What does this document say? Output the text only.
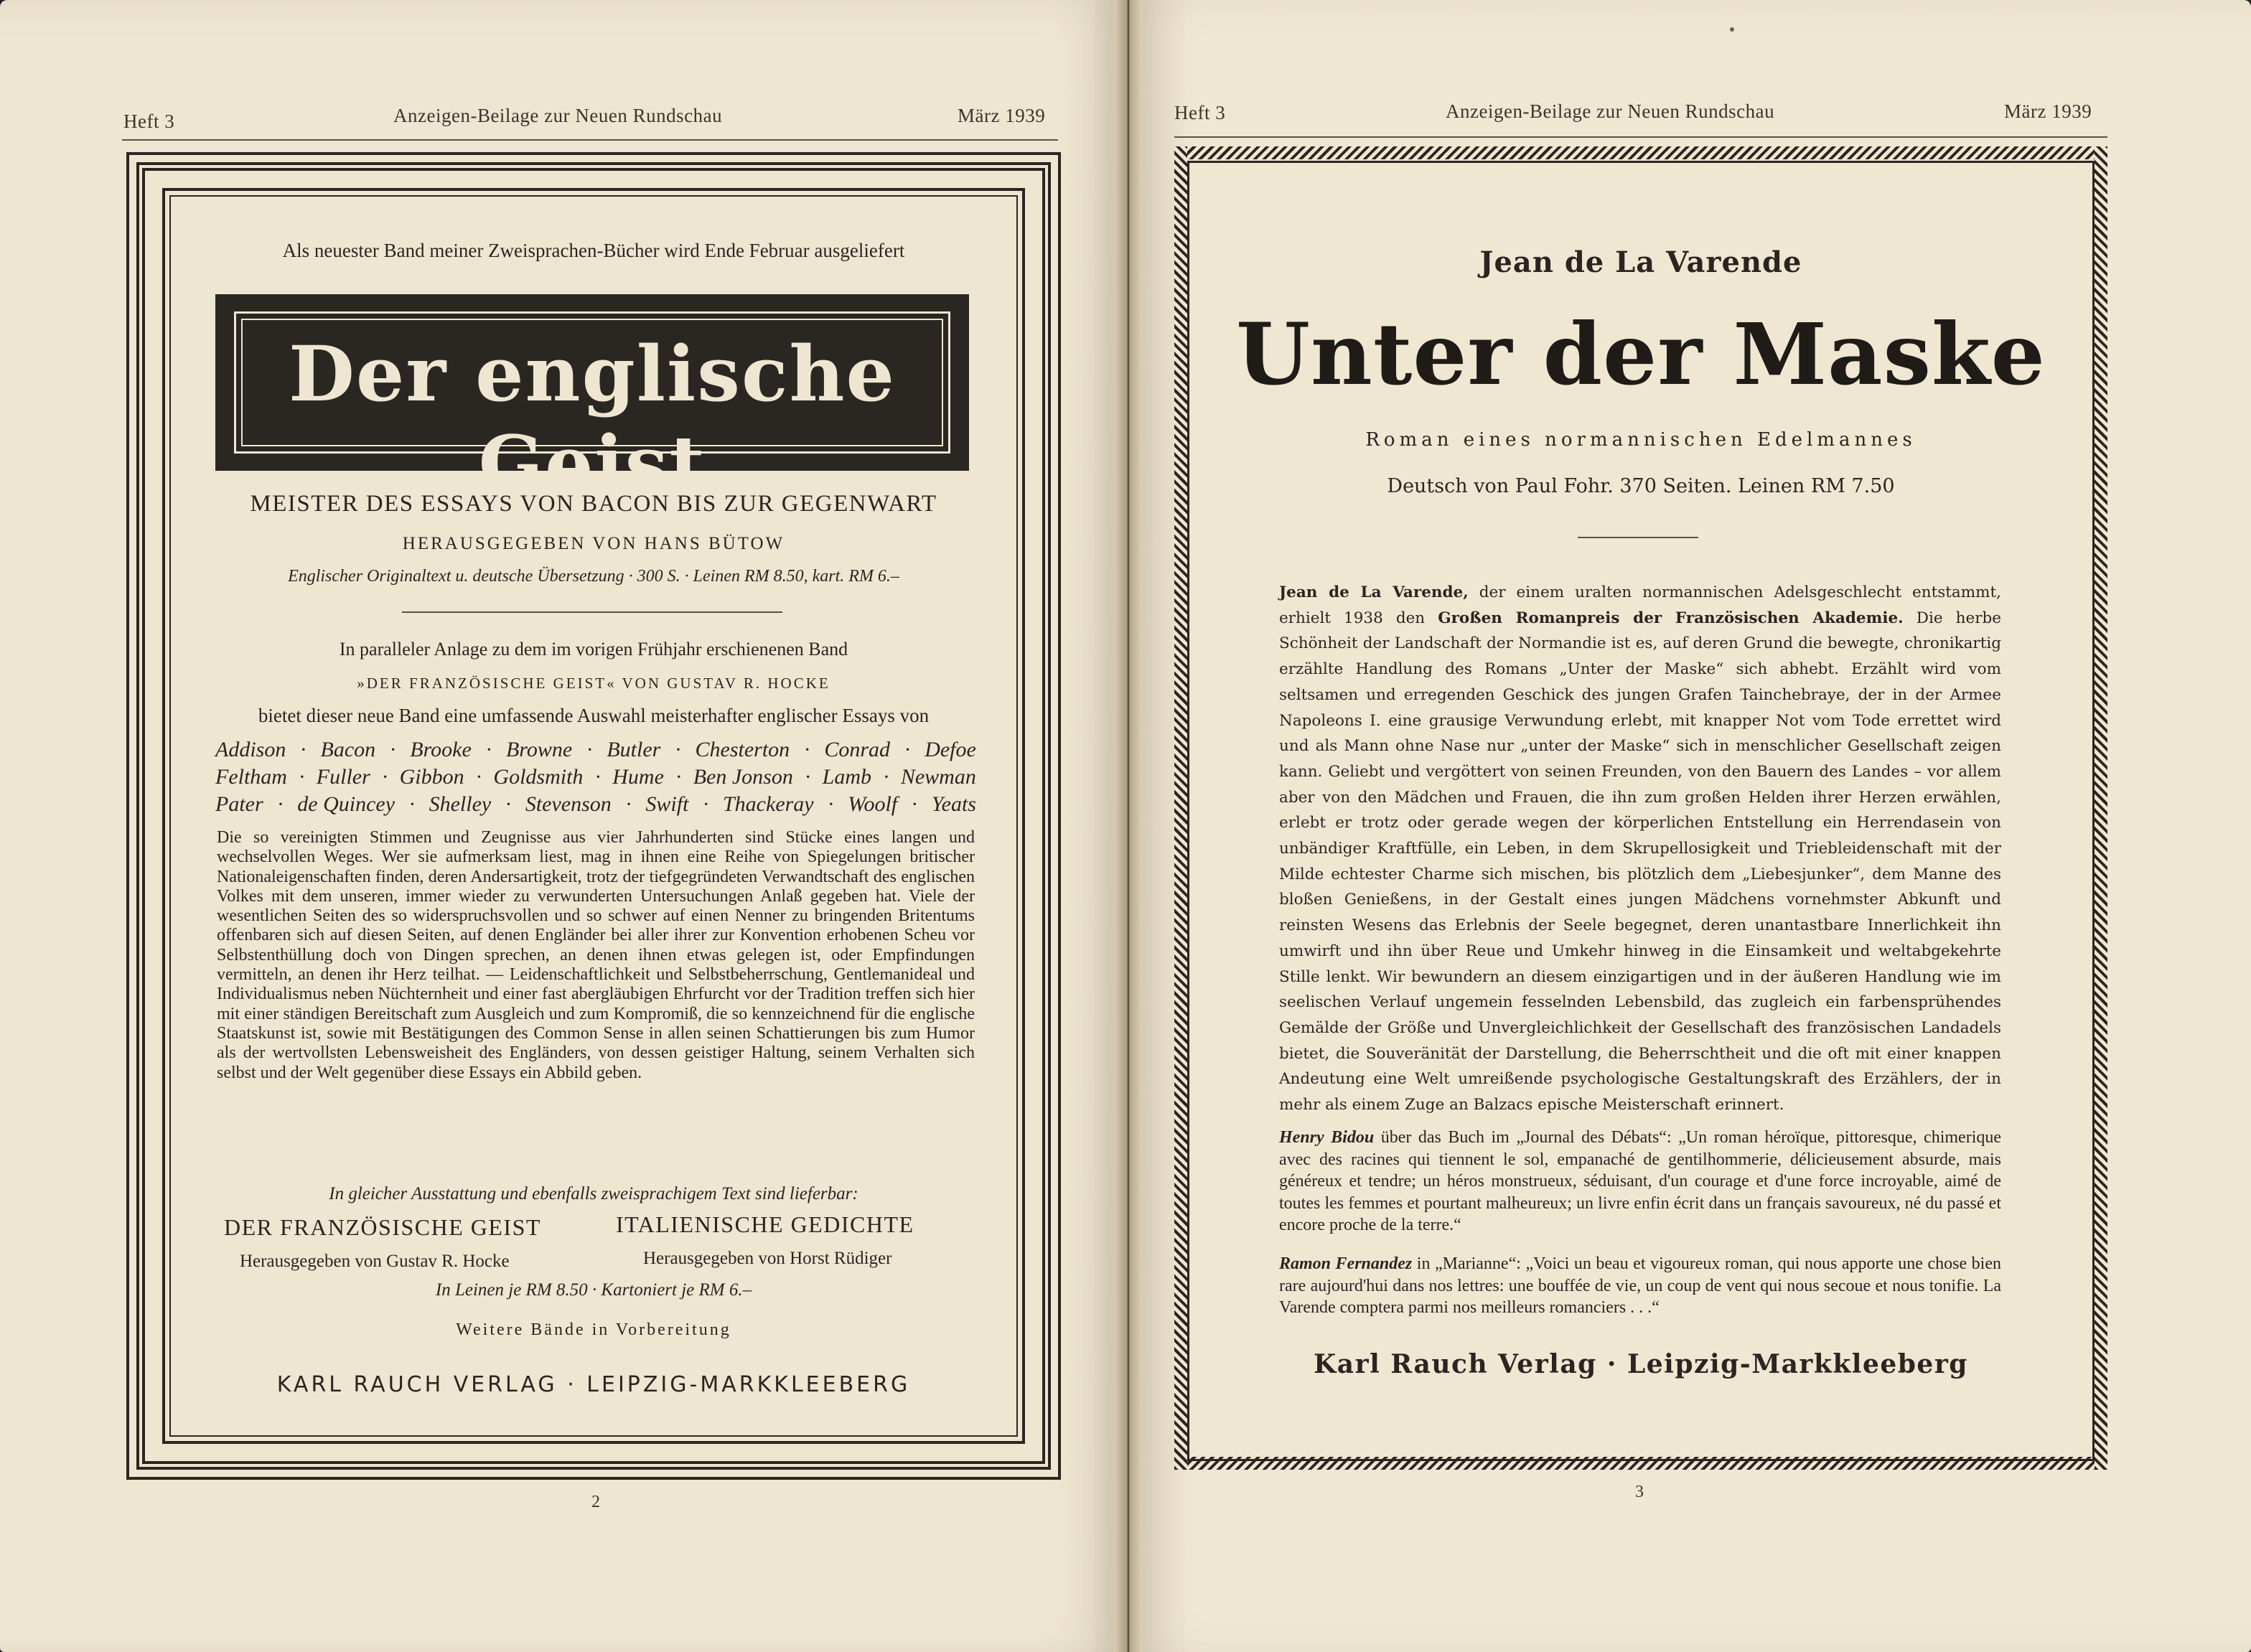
Heft 3	Anzeigen-Beilage zur Neuen Rundschau	März 1939
Als neuester Band meiner Zweisprachen-Bücher wird Ende Februar ausgeliefert
Der englische Geist
MEISTER DES ESSAYS VON BACON BIS ZUR GEGENWART
HERAUSGEGEBEN VON HANS BÜTOW
Englischer Originaltext u. deutsche Übersetzung · 300 S. · Leinen RM 8.50, kart. RM 6.–
In paralleler Anlage zu dem im vorigen Frühjahr erschienenen Band
»DER FRANZÖSISCHE GEIST« VON GUSTAV R. HOCKE
bietet dieser neue Band eine umfassende Auswahl meisterhafter englischer Essays von
Addison · Bacon · Brooke · Browne · Butler · Chesterton · Conrad · Defoe
Feltham · Fuller · Gibbon · Goldsmith · Hume · Ben Jonson · Lamb · Newman
Pater · de Quincey · Shelley · Stevenson · Swift · Thackeray · Woolf · Yeats
Die so vereinigten Stimmen und Zeugnisse aus vier Jahrhunderten sind Stücke eines langen und wechselvollen Weges. Wer sie aufmerksam liest, mag in ihnen eine Reihe von Spiegelungen britischer Nationaleigenschaften finden, deren Andersartigkeit, trotz der tiefgegründeten Verwandtschaft des englischen Volkes mit dem unseren, immer wieder zu verwunderten Untersuchungen Anlaß gegeben hat. Viele der wesentlichen Seiten des so widerspruchsvollen und so schwer auf einen Nenner zu bringenden Britentums offenbaren sich auf diesen Seiten, auf denen Engländer bei aller ihrer zur Konvention erhobenen Scheu vor Selbstenthüllung doch von Dingen sprechen, an denen ihnen etwas gelegen ist, oder Empfindungen vermitteln, an denen ihr Herz teilhat. — Leidenschaftlichkeit und Selbstbeherrschung, Gentlemanideal und Individualismus neben Nüchternheit und einer fast abergläubigen Ehrfurcht vor der Tradition treffen sich hier mit einer ständigen Bereitschaft zum Ausgleich und zum Kompromiß, die so kennzeichnend für die englische Staatskunst ist, sowie mit Bestätigungen des Common Sense in allen seinen Schattierungen bis zum Humor als der wertvollsten Lebensweisheit des Engländers, von dessen geistiger Haltung, seinem Verhalten sich selbst und der Welt gegenüber diese Essays ein Abbild geben.
In gleicher Ausstattung und ebenfalls zweisprachigem Text sind lieferbar:
DER FRANZÖSISCHE GEIST	ITALIENISCHE GEDICHTE
Herausgegeben von Gustav R. Hocke	Herausgegeben von Horst Rüdiger
In Leinen je RM 8.50 · Kartoniert je RM 6.–
Weitere Bände in Vorbereitung
KARL RAUCH VERLAG · LEIPZIG-MARKKLEEBERG
2
Heft 3	Anzeigen-Beilage zur Neuen Rundschau	März 1939
Jean de La Varende
Unter der Maske
Roman eines normannischen Edelmannes
Deutsch von Paul Fohr. 370 Seiten. Leinen RM 7.50
Jean de La Varende, der einem uralten normannischen Adelsgeschlecht entstammt, erhielt 1938 den Großen Romanpreis der Französischen Akademie. Die herbe Schönheit der Landschaft der Normandie ist es, auf deren Grund die bewegte, chronikartig erzählte Handlung des Romans „Unter der Maske“ sich abhebt. Erzählt wird vom seltsamen und erregenden Geschick des jungen Grafen Tainchebraye, der in der Armee Napoleons I. eine grausige Verwundung erlebt, mit knapper Not vom Tode errettet wird und als Mann ohne Nase nur „unter der Maske“ sich in menschlicher Gesellschaft zeigen kann. Geliebt und vergöttert von seinen Freunden, von den Bauern des Landes – vor allem aber von den Mädchen und Frauen, die ihn zum großen Helden ihrer Herzen erwählen, erlebt er trotz oder gerade wegen der körperlichen Entstellung ein Herrendasein von unbändiger Kraftfülle, ein Leben, in dem Skrupellosigkeit und Triebleidenschaft mit der Milde echtester Charme sich mischen, bis plötzlich dem „Liebesjunker“, dem Manne des bloßen Genießens, in der Gestalt eines jungen Mädchens vornehmster Abkunft und reinsten Wesens das Erlebnis der Seele begegnet, deren unantastbare Innerlichkeit ihn umwirft und ihn über Reue und Umkehr hinweg in die Einsamkeit und weltabgekehrte Stille lenkt. Wir bewundern an diesem einzigartigen und in der äußeren Handlung wie im seelischen Verlauf ungemein fesselnden Lebensbild, das zugleich ein farbensprühendes Gemälde der Größe und Unvergleichlichkeit der Gesellschaft des französischen Landadels bietet, die Souveränität der Darstellung, die Beherrschtheit und die oft mit einer knappen Andeutung eine Welt umreißende psychologische Gestaltungskraft des Erzählers, der in mehr als einem Zuge an Balzacs epische Meisterschaft erinnert.
Henry Bidou über das Buch im „Journal des Débats“: „Un roman héroïque, pittoresque, chimerique avec des racines qui tiennent le sol, empanaché de gentilhommerie, délicieusement absurde, mais généreux et tendre; un héros monstrueux, séduisant, d'un courage et d'une force incroyable, aimé de toutes les femmes et pourtant malheureux; un livre enfin écrit dans un français savoureux, né du passé et encore proche de la terre.“
Ramon Fernandez in „Marianne“: „Voici un beau et vigoureux roman, qui nous apporte une chose bien rare aujourd'hui dans nos lettres: une bouffée de vie, un coup de vent qui nous secoue et nous tonifie. La Varende comptera parmi nos meilleurs romanciers . . .“
Karl Rauch Verlag · Leipzig-Markkleeberg
3
